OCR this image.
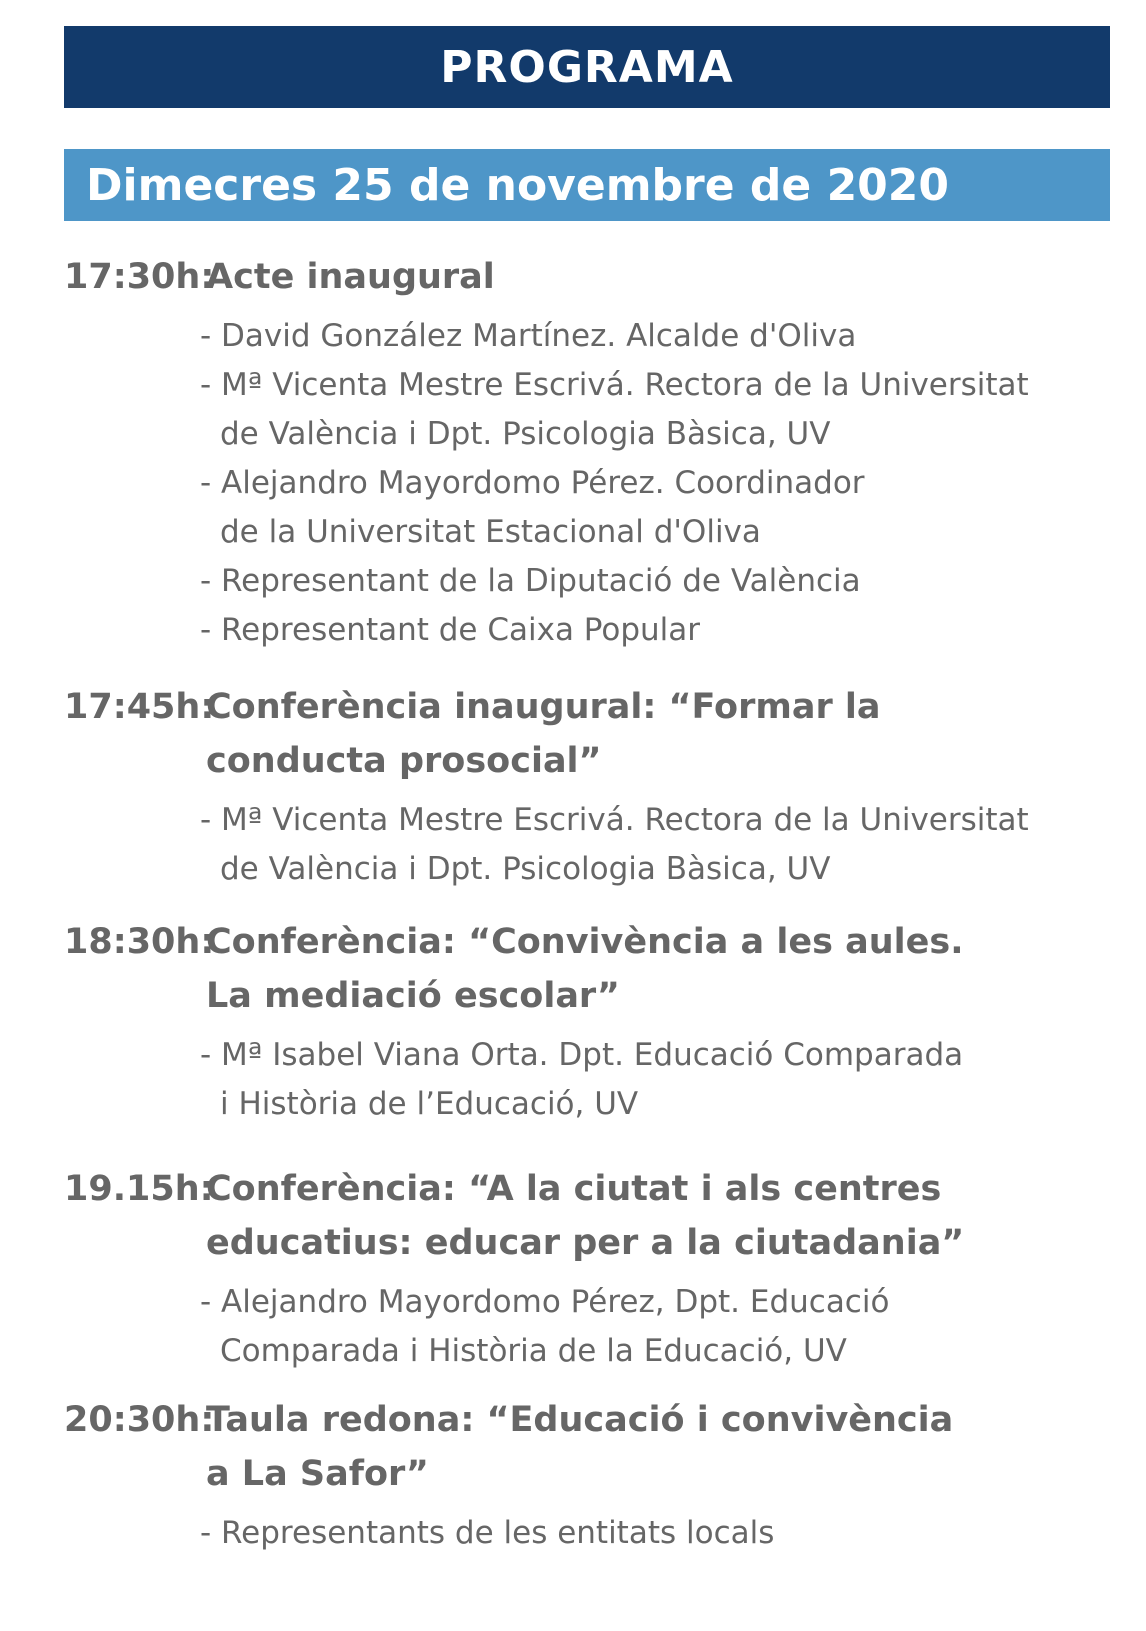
PROGRAMA
Dimecres 25 de novembre de 2020
17:30h:
Acte inaugural
- David González Martínez. Alcalde d'Oliva
- Mª Vicenta Mestre Escrivá. Rectora de la Universitat
de València i Dpt. Psicologia Bàsica, UV
- Alejandro Mayordomo Pérez. Coordinador
de la Universitat Estacional d'Oliva
- Representant de la Diputació de València
- Representant de Caixa Popular
17:45h:
Conferència inaugural: “Formar la
conducta prosocial”
- Mª Vicenta Mestre Escrivá. Rectora de la Universitat
de València i Dpt. Psicologia Bàsica, UV
18:30h:
Conferència: “Convivència a les aules.
La mediació escolar”
- Mª Isabel Viana Orta. Dpt. Educació Comparada
i Història de l’Educació, UV
19.15h:
Conferència: “A la ciutat i als centres
educatius: educar per a la ciutadania”
- Alejandro Mayordomo Pérez, Dpt. Educació
Comparada i Història de la Educació, UV
20:30h:
Taula redona: “Educació i convivència
a La Safor”
- Representants de les entitats locals
